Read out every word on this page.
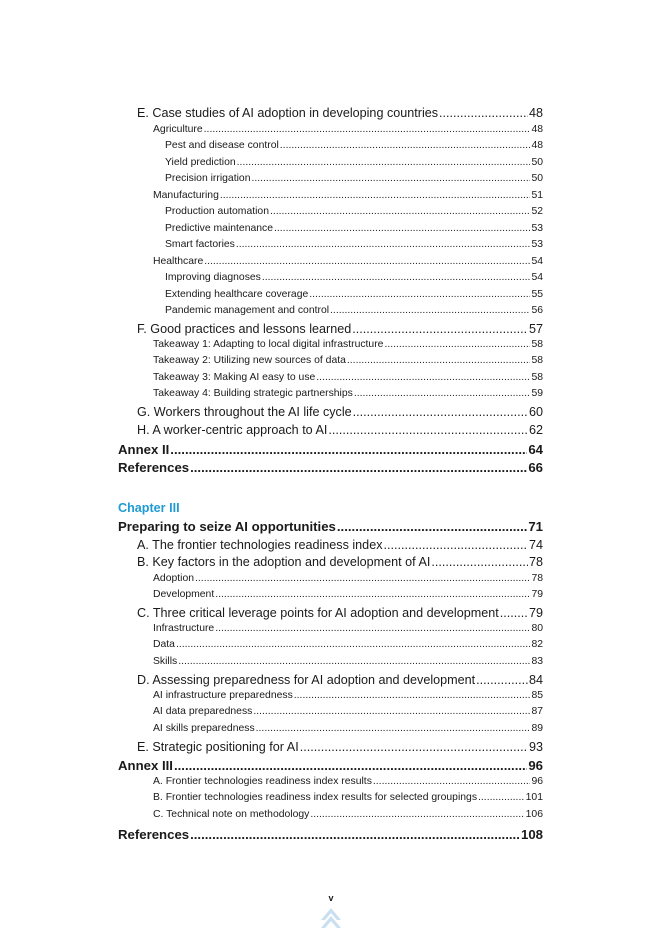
E. Case studies of AI adoption in developing countries .....	48
Agriculture .....	48
Pest and disease control .....	48
Yield prediction .....	50
Precision irrigation .....	50
Manufacturing .....	51
Production automation .....	52
Predictive maintenance .....	53
Smart factories .....	53
Healthcare .....	54
Improving diagnoses .....	54
Extending healthcare coverage .....	55
Pandemic management and control .....	56
F. Good practices and lessons learned .....	57
Takeaway 1: Adapting to local digital infrastructure .....	58
Takeaway 2: Utilizing new sources of data .....	58
Takeaway 3: Making AI easy to use .....	58
Takeaway 4: Building strategic partnerships .....	59
G. Workers throughout the AI life cycle .....	60
H. A worker-centric approach to AI .....	62
Annex II .....	64
References .....	66
Preparing to seize AI opportunities .....	71
A. The frontier technologies readiness index .....	74
B. Key factors in the adoption and development of AI .....	78
Adoption .....	78
Development .....	79
C. Three critical leverage points for AI adoption and development ..... 79
Infrastructure .....	80
Data .....	82
Skills .....	83
D. Assessing preparedness for AI adoption and development .....	84
AI infrastructure preparedness .....	85
AI data preparedness .....	87
AI skills preparedness .....	89
E. Strategic positioning for AI .....	93
Annex III .....	96
A. Frontier technologies readiness index results .....	96
B. Frontier technologies readiness index results for selected groupings .....	101
C. Technical note on methodology .....	106
References .....	108
Chapter III
v
